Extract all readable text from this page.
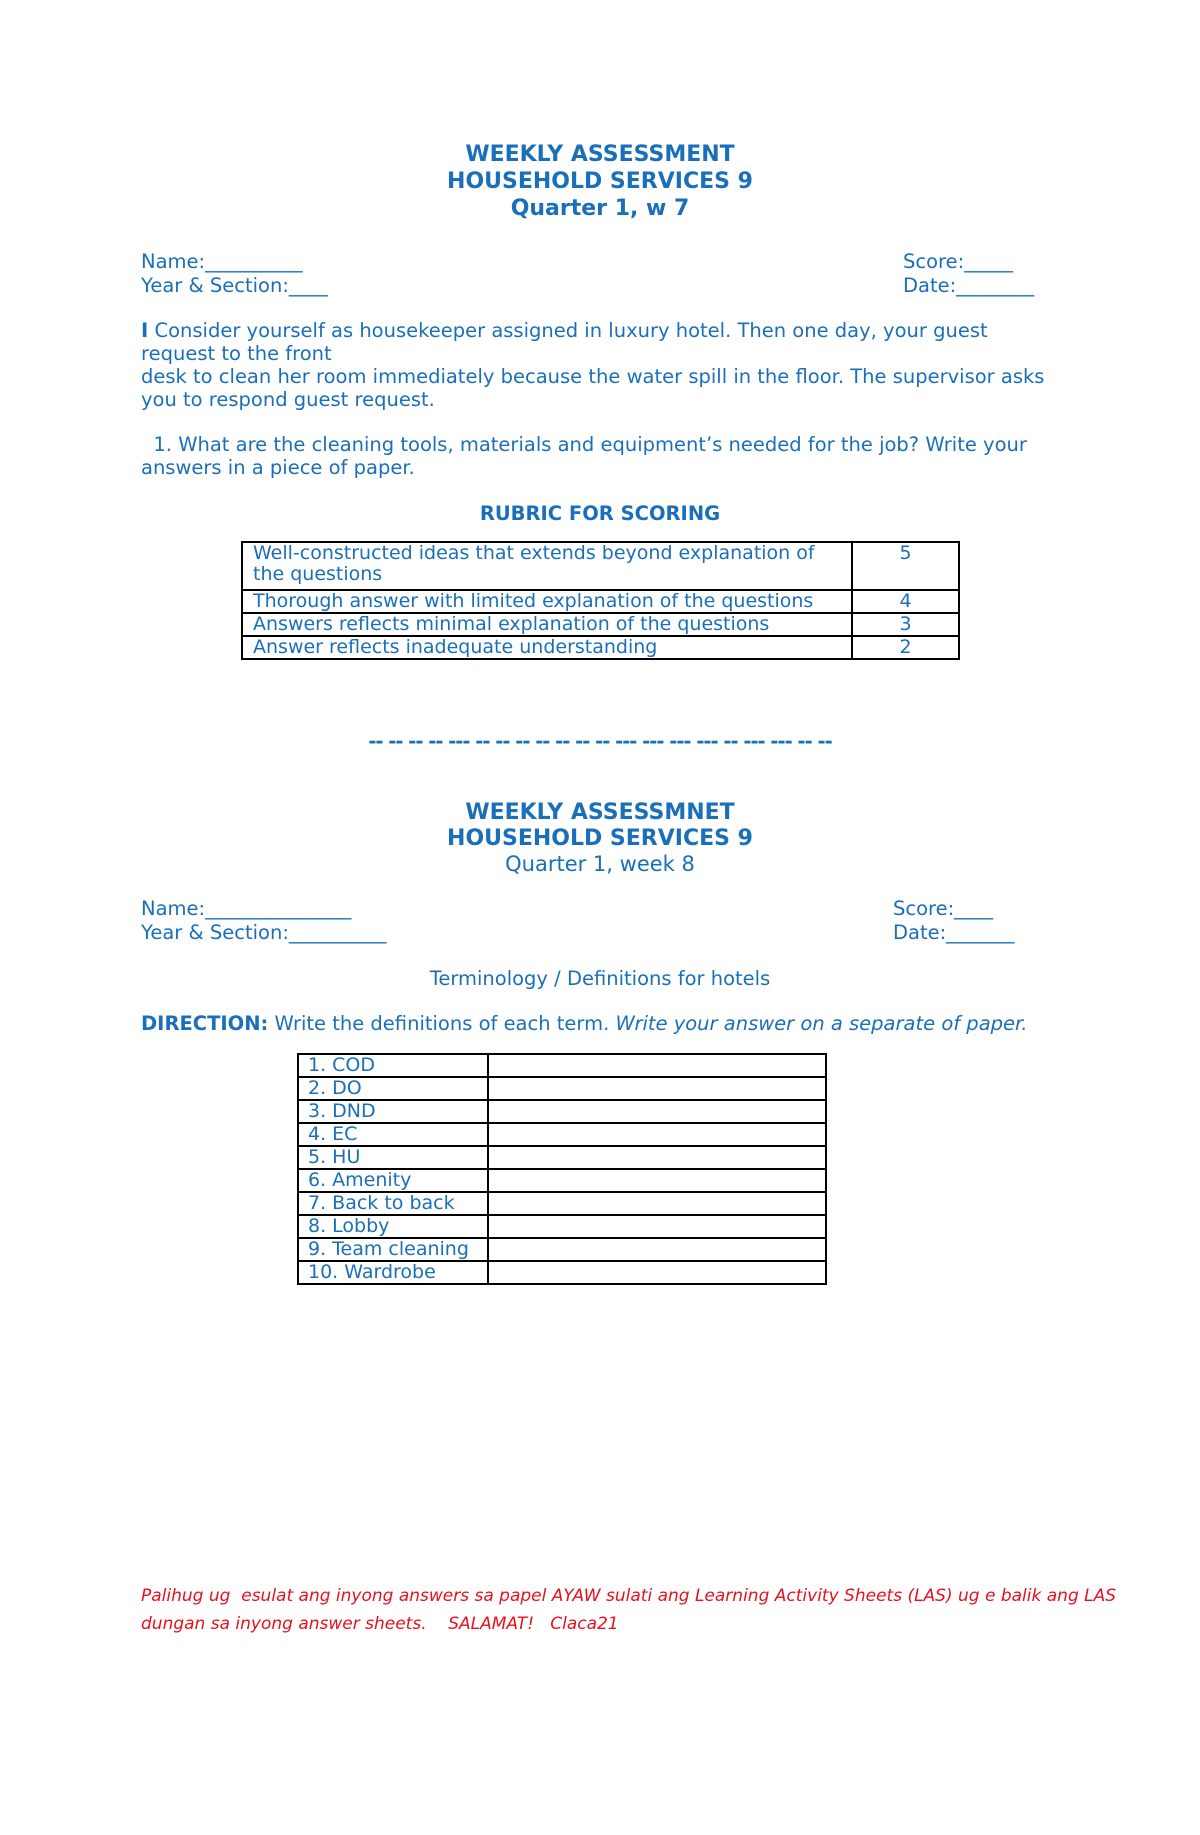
WEEKLY ASSESSMENT
HOUSEHOLD SERVICES 9
Quarter 1, w 7
Name:__________	Score:_____
Year & Section:____	Date:________
I Consider yourself as housekeeper assigned in luxury hotel. Then one day, your guest
request to the front
desk to clean her room immediately because the water spill in the floor. The supervisor asks
you to respond guest request.
1. What are the cleaning tools, materials and equipment’s needed for the job? Write your
answers in a piece of paper.
RUBRIC FOR SCORING
Well-constructed ideas that extends beyond explanation of the questions	5
Thorough answer with limited explanation of the questions	4
Answers reflects minimal explanation of the questions	3
Answer reflects inadequate understanding	2
-- -- -- -- --- -- -- -- -- -- -- -- --- --- --- --- -- --- --- -- --
WEEKLY ASSESSMNET
HOUSEHOLD SERVICES 9
Quarter 1, week 8
Name:_______________	Score:____
Year & Section:__________	Date:_______
Terminology / Definitions for hotels
DIRECTION: Write the definitions of each term. Write your answer on a separate of paper.
1. COD	
2. DO	
3. DND	
4. EC	
5. HU	
6. Amenity	
7. Back to back	
8. Lobby	
9. Team cleaning	
10. Wardrobe	
Palihug ug  esulat ang inyong answers sa papel AYAW sulati ang Learning Activity Sheets (LAS) ug e balik ang LAS
dungan sa inyong answer sheets.    SALAMAT!   Claca21
